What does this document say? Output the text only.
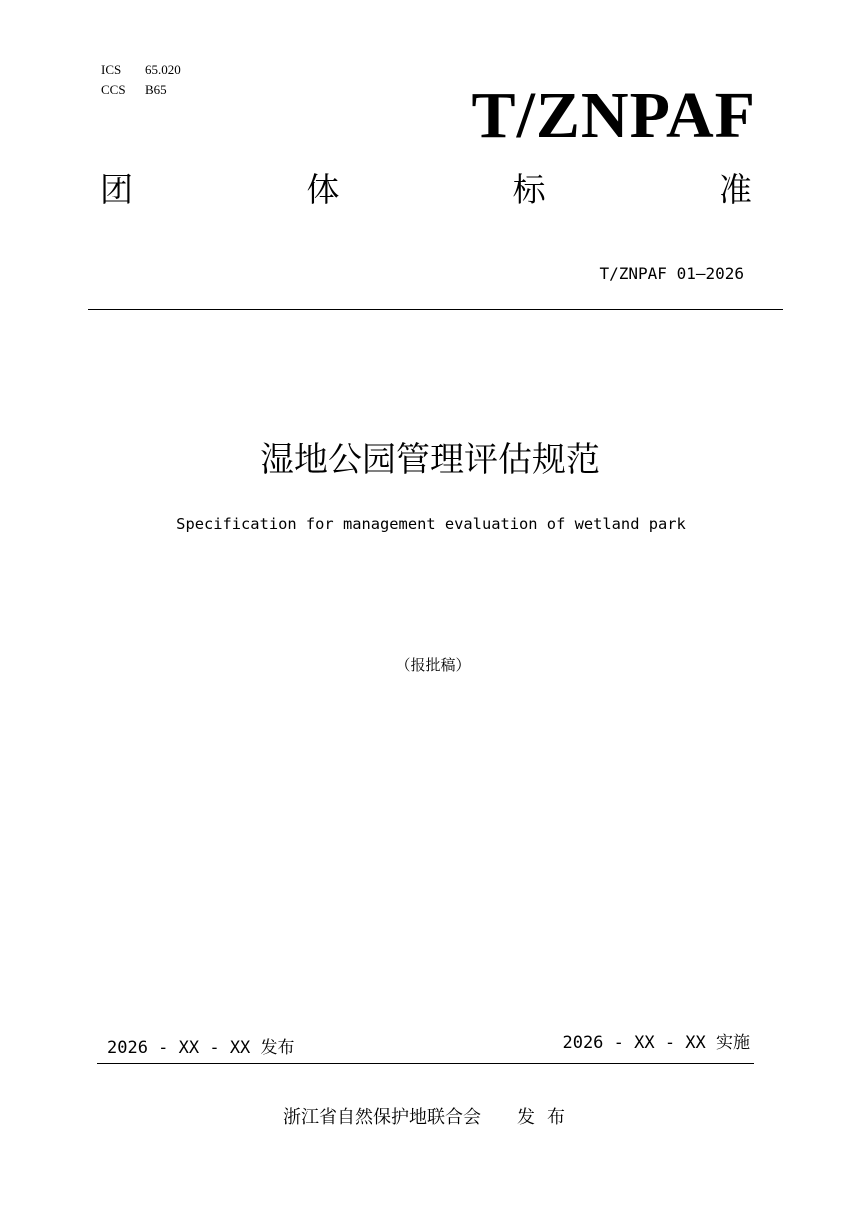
ICS 65.020
CCS B65	T/ZNPAF
团	体	标	准
T/ZNPAF 01—2026
湿地公园管理评估规范
Specification for management evaluation of wetland park
（报批稿）
2026 - XX - XX 发布	2026 - XX - XX 实施
浙江省自然保护地联合会 发布
